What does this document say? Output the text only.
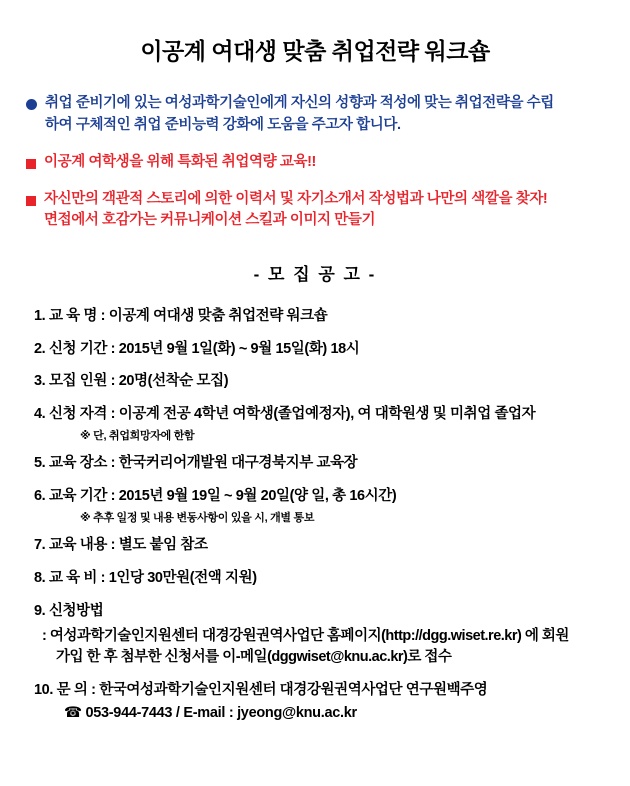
이공계 여대생 맞춤 취업전략 워크숍
취업 준비기에 있는 여성과학기술인에게 자신의 성향과 적성에 맞는 취업전략을 수립
하여 구체적인 취업 준비능력 강화에 도움을 주고자 합니다.
이공계 여학생을 위해 특화된 취업역량 교육!!
자신만의 객관적 스토리에 의한 이력서 및 자기소개서 작성법과 나만의 색깔을 찾자!
면접에서 호감가는 커뮤니케이션 스킬과 이미지 만들기
- 모 집 공 고 -
1. 교 육 명 : 이공계 여대생 맞춤 취업전략 워크숍
2. 신청 기간 : 2015년 9월 1일(화) ~ 9월 15일(화) 18시
3. 모집 인원 : 20명(선착순 모집)
4. 신청 자격 : 이공계 전공 4학년 여학생(졸업예정자), 여 대학원생 및 미취업 졸업자
※ 단, 취업희망자에 한함
5. 교육 장소 : 한국커리어개발원 대구경북지부 교육장
6. 교육 기간 : 2015년 9월 19일 ~ 9월 20일(양 일, 총 16시간)
※ 추후 일정 및 내용 변동사항이 있을 시, 개별 통보
7. 교육 내용 : 별도 붙임 참조
8. 교 육 비 : 1인당 30만원(전액 지원)
9. 신청방법
: 여성과학기술인지원센터 대경강원권역사업단 홈페이지(http://dgg.wiset.re.kr) 에 회원
가입 한 후 첨부한 신청서를 이-메일(dggwiset@knu.ac.kr)로 접수
10. 문 의 : 한국여성과학기술인지원센터 대경강원권역사업단 연구원백주영
☎ 053-944-7443 / E-mail : jyeong@knu.ac.kr
